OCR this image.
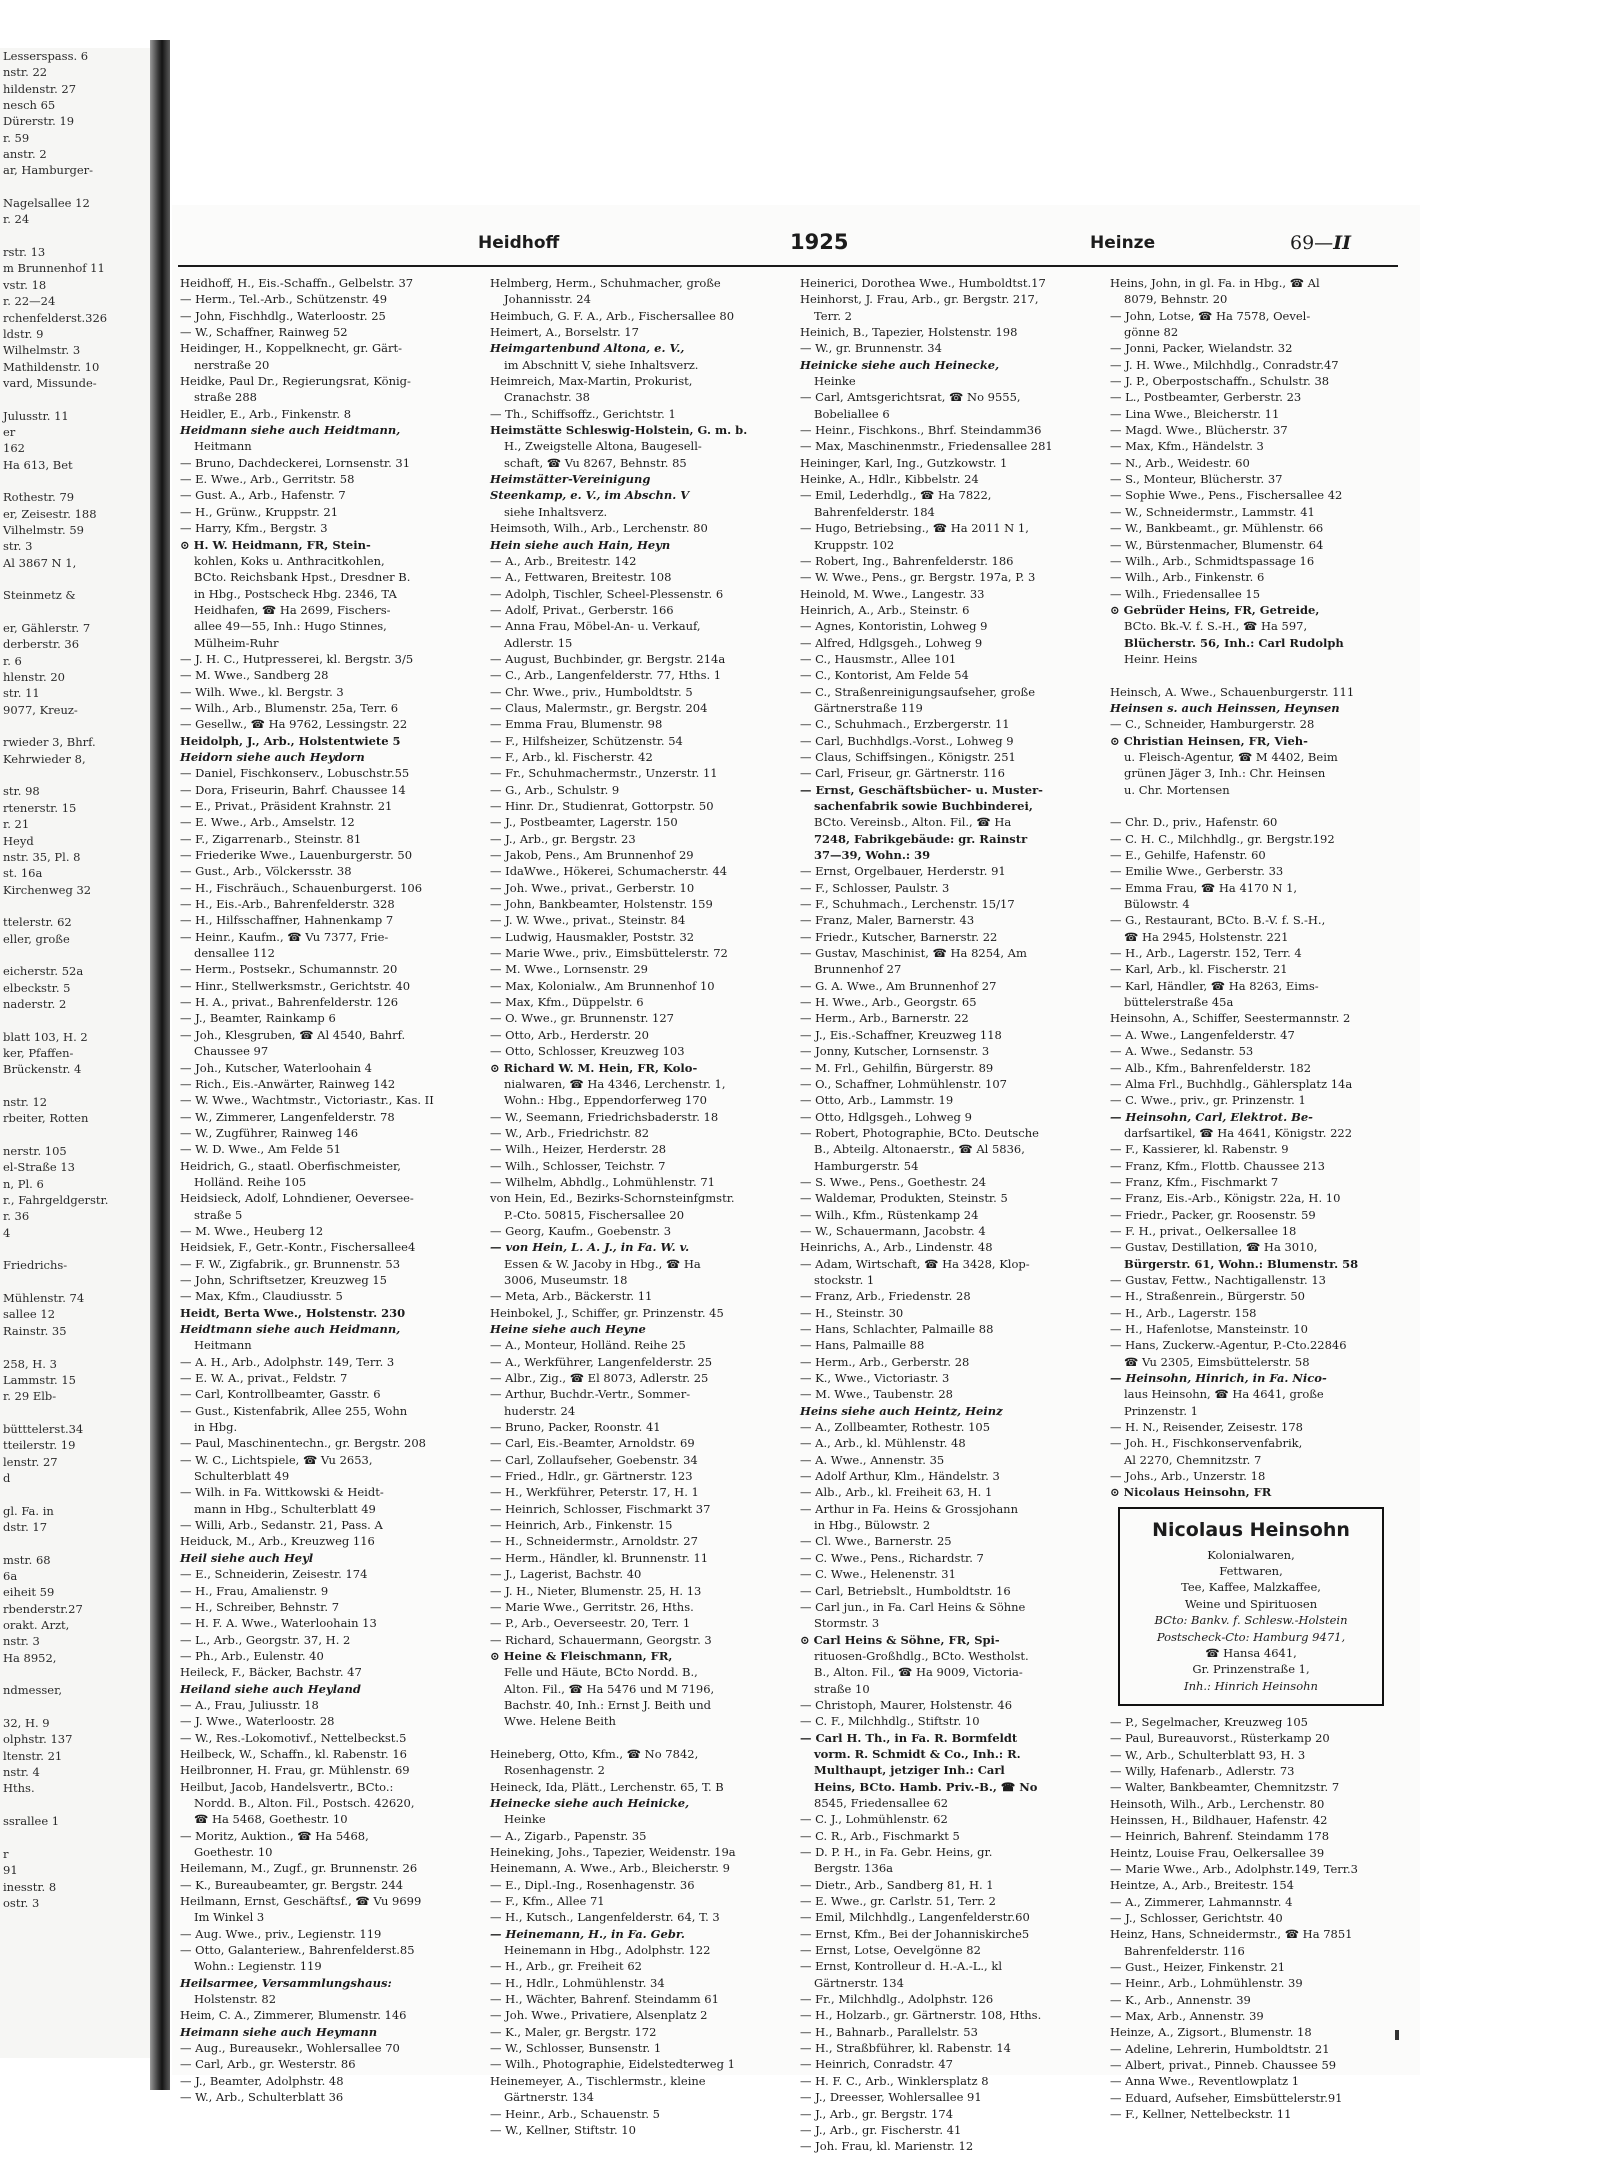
Lesserspass. 6
nstr. 22
hildenstr. 27
nesch 65
Dürerstr. 19
r. 59
anstr. 2
ar, Hamburger-

Nagelsallee 12
r. 24

rstr. 13
m Brunnenhof 11
vstr. 18
r. 22—24
rchenfelderst.326
ldstr. 9
Wilhelmstr. 3
Mathildenstr. 10
vard, Missunde-

Julusstr. 11
er
162
Ha 613, Bet

Rothestr. 79
er, Zeisestr. 188
Vilhelmstr. 59
str. 3
Al 3867 N 1,

Steinmetz &

er, Gählerstr. 7
derberstr. 36
r. 6
hlenstr. 20
str. 11
9077, Kreuz-

rwieder 3, Bhrf.
Kehrwieder 8,

str. 98
rtenerstr. 15
r. 21
Heyd
nstr. 35, Pl. 8
st. 16a
Kirchenweg 32

ttelerstr. 62
eller, große

eicherstr. 52a
elbeckstr. 5
naderstr. 2

blatt 103, H. 2
ker, Pfaffen-
Brückenstr. 4

nstr. 12
rbeiter, Rotten

nerstr. 105
el-Straße 13
n, Pl. 6
r., Fahrgeldgerstr.
r. 36
4

Friedrichs-

Mühlenstr. 74
sallee 12
Rainstr. 35

258, H. 3
Lammstr. 15
r. 29 Elb-

bütttelerst.34
tteilerstr. 19
lenstr. 27
d

gl. Fa. in
dstr. 17

mstr. 68
6a
eiheit 59
rbenderstr.27
orakt. Arzt,
nstr. 3
Ha 8952,

ndmesser,

32, H. 9
olphstr. 137
ltenstr. 21
nstr. 4
Hths.

ssrallee 1

r
91
inesstr. 8
ostr. 3
Heidhoff	1925	Heinze	69—II
Heidhoff, H., Eis.-Schaffn., Gelbelstr. 37
— Herm., Tel.-Arb., Schützenstr. 49
— John, Fischhdlg., Waterloostr. 25
— W., Schaffner, Rainweg 52
Heidinger, H., Koppelknecht, gr. Gärt-
nerstraße 20
Heidke, Paul Dr., Regierungsrat, König-
straße 288
Heidler, E., Arb., Finkenstr. 8
Heidmann siehe auch Heidtmann,
Heitmann
— Bruno, Dachdeckerei, Lornsenstr. 31
— E. Wwe., Arb., Gerritstr. 58
— Gust. A., Arb., Hafenstr. 7
— H., Grünw., Kruppstr. 21
— Harry, Kfm., Bergstr. 3
⊙ H. W. Heidmann, FR, Stein-
kohlen, Koks u. Anthracitkohlen,
BCto. Reichsbank Hpst., Dresdner B.
in Hbg., Postscheck Hbg. 2346, TA
Heidhafen, ☎ Ha 2699, Fischers-
allee 49—55, Inh.: Hugo Stinnes,
Mülheim-Ruhr
— J. H. C., Hutpresserei, kl. Bergstr. 3/5
— M. Wwe., Sandberg 28
— Wilh. Wwe., kl. Bergstr. 3
— Wilh., Arb., Blumenstr. 25a, Terr. 6
— Gesellw., ☎ Ha 9762, Lessingstr. 22
Heidolph, J., Arb., Holstentwiete 5
Heidorn siehe auch Heydorn
— Daniel, Fischkonserv., Lobuschstr.55
— Dora, Friseurin, Bahrf. Chaussee 14
— E., Privat., Präsident Krahnstr. 21
— E. Wwe., Arb., Amselstr. 12
— F., Zigarrenarb., Steinstr. 81
— Friederike Wwe., Lauenburgerstr. 50
— Gust., Arb., Völckersstr. 38
— H., Fischräuch., Schauenburgerst. 106
— H., Eis.-Arb., Bahrenfelderstr. 328
— H., Hilfsschaffner, Hahnenkamp 7
— Heinr., Kaufm., ☎ Vu 7377, Frie-
densallee 112
— Herm., Postsekr., Schumannstr. 20
— Hinr., Stellwerksmstr., Gerichtstr. 40
— H. A., privat., Bahrenfelderstr. 126
— J., Beamter, Rainkamp 6
— Joh., Klesgruben, ☎ Al 4540, Bahrf.
Chaussee 97
— Joh., Kutscher, Waterloohain 4
— Rich., Eis.-Anwärter, Rainweg 142
— W. Wwe., Wachtmstr., Victoriastr., Kas. II
— W., Zimmerer, Langenfelderstr. 78
— W., Zugführer, Rainweg 146
— W. D. Wwe., Am Felde 51
Heidrich, G., staatl. Oberfischmeister,
Holländ. Reihe 105
Heidsieck, Adolf, Lohndiener, Oeverseе-
straße 5
— M. Wwe., Heuberg 12
Heidsiek, F., Getr.-Kontr., Fischersallee4
— F. W., Zigfabrik., gr. Brunnenstr. 53
— John, Schriftsetzer, Kreuzweg 15
— Max, Kfm., Claudiusstr. 5
Heidt, Berta Wwe., Holstenstr. 230
Heidtmann siehe auch Heidmann,
Heitmann
— A. H., Arb., Adolphstr. 149, Terr. 3
— E. W. A., privat., Feldstr. 7
— Carl, Kontrollbeamter, Gasstr. 6
— Gust., Kistenfabrik, Allee 255, Wohn
in Hbg.
— Paul, Maschinentechn., gr. Bergstr. 208
— W. C., Lichtspiele, ☎ Vu 2653,
Schulterblatt 49
— Wilh. in Fa. Wittkowski & Heidt-
mann in Hbg., Schulterblatt 49
— Willi, Arb., Sedanstr. 21, Pass. A
Heiduck, M., Arb., Kreuzweg 116
Heil siehe auch Heyl
— E., Schneiderin, Zeisestr. 174
— H., Frau, Amalienstr. 9
— H., Schreiber, Behnstr. 7
— H. F. A. Wwe., Waterloohain 13
— L., Arb., Georgstr. 37, H. 2
— Ph., Arb., Eulenstr. 40
Heileck, F., Bäcker, Bachstr. 47
Heiland siehe auch Heyland
— A., Frau, Juliusstr. 18
— J. Wwe., Waterloostr. 28
— W., Res.-Lokomotivf., Nettelbeckst.5
Heilbeck, W., Schaffn., kl. Rabenstr. 16
Heilbronner, H. Frau, gr. Mühlenstr. 69
Heilbut, Jacob, Handelsvertr., BCto.:
Nordd. B., Alton. Fil., Postsch. 42620,
☎ Ha 5468, Goethestr. 10
— Moritz, Auktion., ☎ Ha 5468,
Goethestr. 10
Heilemann, M., Zugf., gr. Brunnenstr. 26
— K., Bureaubeamter, gr. Bergstr. 244
Heilmann, Ernst, Geschäftsf., ☎ Vu 9699
Im Winkel 3
— Aug. Wwe., priv., Legienstr. 119
— Otto, Galanteriew., Bahrenfelderst.85
Wohn.: Legienstr. 119
Heilsarmee, Versammlungshaus:
Holstenstr. 82
Heim, C. A., Zimmerer, Blumenstr. 146
Heimann siehe auch Heymann
— Aug., Bureausekr., Wohlersallee 70
— Carl, Arb., gr. Westerstr. 86
— J., Beamter, Adolphstr. 48
— W., Arb., Schulterblatt 36
Helmberg, Herm., Schuhmacher, große
Johannisstr. 24
Heimbuch, G. F. A., Arb., Fischersallee 80
Heimert, A., Borselstr. 17
Heimgartenbund Altona, e. V.,
im Abschnitt V, siehe Inhaltsverz.
Heimreich, Max-Martin, Prokurist,
Cranachstr. 38
— Th., Schiffsoffz., Gerichtstr. 1
Heimstätte Schleswig-Holstein, G. m. b.
H., Zweigstelle Altona, Baugesell-
schaft, ☎ Vu 8267, Behnstr. 85
Heimstätter-Vereinigung
Steenkamp, e. V., im Abschn. V
siehe Inhaltsverz.
Heimsoth, Wilh., Arb., Lerchenstr. 80
Hein siehe auch Hain, Heyn
— A., Arb., Breitestr. 142
— A., Fettwaren, Breitestr. 108
— Adolph, Tischler, Scheel-Plessenstr. 6
— Adolf, Privat., Gerberstr. 166
— Anna Frau, Möbel-An- u. Verkauf,
Adlerstr. 15
— August, Buchbinder, gr. Bergstr. 214a
— C., Arb., Langenfelderstr. 77, Hths. 1
— Chr. Wwe., priv., Humboldtstr. 5
— Claus, Malermstr., gr. Bergstr. 204
— Emma Frau, Blumenstr. 98
— F., Hilfsheizer, Schützenstr. 54
— F., Arb., kl. Fischerstr. 42
— Fr., Schuhmachermstr., Unzerstr. 11
— G., Arb., Schulstr. 9
— Hinr. Dr., Studienrat, Gottorpstr. 50
— J., Postbeamter, Lagerstr. 150
— J., Arb., gr. Bergstr. 23
— Jakob, Pens., Am Brunnenhof 29
— IdaWwe., Hökerei, Schumacherstr. 44
— Joh. Wwe., privat., Gerberstr. 10
— John, Bankbeamter, Holstenstr. 159
— J. W. Wwe., privat., Steinstr. 84
— Ludwig, Hausmakler, Poststr. 32
— Marie Wwe., priv., Eimsbüttelerstr. 72
— M. Wwe., Lornsenstr. 29
— Max, Kolonialw., Am Brunnenhof 10
— Max, Kfm., Düppelstr. 6
— O. Wwe., gr. Brunnenstr. 127
— Otto, Arb., Herderstr. 20
— Otto, Schlosser, Kreuzweg 103
⊙ Richard W. M. Hein, FR, Kolo-
nialwaren, ☎ Ha 4346, Lerchenstr. 1,
Wohn.: Hbg., Eppendorferweg 170
— W., Seemann, Friedrichsbaderstr. 18
— W., Arb., Friedrichstr. 82
— Wilh., Heizer, Herderstr. 28
— Wilh., Schlosser, Teichstr. 7
— Wilhelm, Abhdlg., Lohmühlenstr. 71
von Hein, Ed., Bezirks-Schornsteinfgmstr.
P.-Cto. 50815, Fischersallee 20
— Georg, Kaufm., Goebenstr. 3
— von Hein, L. A. J., in Fa. W. v.
Essen & W. Jacoby in Hbg., ☎ Ha
3006, Museumstr. 18
— Meta, Arb., Bäckerstr. 11
Heinbokel, J., Schiffer, gr. Prinzenstr. 45
Heine siehe auch Heyne
— A., Monteur, Holländ. Reihe 25
— A., Werkführer, Langenfelderstr. 25
— Albr., Zig., ☎ El 8073, Adlerstr. 25
— Arthur, Buchdr.-Vertr., Sommer-
huderstr. 24
— Bruno, Packer, Roonstr. 41
— Carl, Eis.-Beamter, Arnoldstr. 69
— Carl, Zollaufseher, Goebenstr. 34
— Fried., Hdlr., gr. Gärtnerstr. 123
— H., Werkführer, Peterstr. 17, H. 1
— Heinrich, Schlosser, Fischmarkt 37
— Heinrich, Arb., Finkenstr. 15
— H., Schneidermstr., Arnoldstr. 27
— Herm., Händler, kl. Brunnenstr. 11
— J., Lagerist, Bachstr. 40
— J. H., Nieter, Blumenstr. 25, H. 13
— Marie Wwe., Gerritstr. 26, Hths.
— P., Arb., Oeverseestr. 20, Terr. 1
— Richard, Schauermann, Georgstr. 3
⊙ Heine & Fleischmann, FR,
Felle und Häute, BCto Nordd. B.,
Alton. Fil., ☎ Ha 5476 und M 7196,
Bachstr. 40, Inh.: Ernst J. Beith und
Wwe. Helene Beith

Heineberg, Otto, Kfm., ☎ No 7842,
Rosenhagenstr. 2
Heineck, Ida, Plätt., Lerchenstr. 65, T. B
Heinecke siehe auch Heinicke,
Heinke
— A., Zigarb., Papenstr. 35
Heineking, Johs., Tapezier, Weidenstr. 19a
Heinemann, A. Wwe., Arb., Bleicherstr. 9
— E., Dipl.-Ing., Rosenhagenstr. 36
— F., Kfm., Allee 71
— H., Kutsch., Langenfelderstr. 64, T. 3
— Heinemann, H., in Fa. Gebr.
Heinemann in Hbg., Adolphstr. 122
— H., Arb., gr. Freiheit 62
— H., Hdlr., Lohmühlenstr. 34
— H., Wächter, Bahrenf. Steindamm 61
— Joh. Wwe., Privatiere, Alsenplatz 2
— K., Maler, gr. Bergstr. 172
— W., Schlosser, Bunsenstr. 1
— Wilh., Photographie, Eidelstedterweg 1
Heinemeyer, A., Tischlermstr., kleine
Gärtnerstr. 134
— Heinr., Arb., Schauenstr. 5
— W., Kellner, Stiftstr. 10
Heinerici, Dorothea Wwe., Humboldtst.17
Heinhorst, J. Frau, Arb., gr. Bergstr. 217,
Terr. 2
Heinich, B., Tapezier, Holstenstr. 198
— W., gr. Brunnenstr. 34
Heinicke siehe auch Heinecke,
Heinke
— Carl, Amtsgerichtsrat, ☎ No 9555,
Bobeliallee 6
— Heinr., Fischkons., Bhrf. Steindamm36
— Max, Maschinenmstr., Friedensallee 281
Heininger, Karl, Ing., Gutzkowstr. 1
Heinke, A., Hdlr., Kibbelstr. 24
— Emil, Lederhdlg., ☎ Ha 7822,
Bahrenfelderstr. 184
— Hugo, Betriebsing., ☎ Ha 2011 N 1,
Kruppstr. 102
— Robert, Ing., Bahrenfelderstr. 186
— W. Wwe., Pens., gr. Bergstr. 197a, P. 3
Heinold, M. Wwe., Langestr. 33
Heinrich, A., Arb., Steinstr. 6
— Agnes, Kontoristin, Lohweg 9
— Alfred, Hdlgsgeh., Lohweg 9
— C., Hausmstr., Allee 101
— C., Kontorist, Am Felde 54
— C., Straßenreinigungsaufseher, große
Gärtnerstraße 119
— C., Schuhmach., Erzbergerstr. 11
— Carl, Buchhdlgs.-Vorst., Lohweg 9
— Claus, Schiffsingen., Königstr. 251
— Carl, Friseur, gr. Gärtnerstr. 116
— Ernst, Geschäftsbücher- u. Muster-
sachenfabrik sowie Buchbinderei,
BCto. Vereinsb., Alton. Fil., ☎ Ha
7248, Fabrikgebäude: gr. Rainstr
37—39, Wohn.: 39
— Ernst, Orgelbauer, Herderstr. 91
— F., Schlosser, Paulstr. 3
— F., Schuhmach., Lerchenstr. 15/17
— Franz, Maler, Barnerstr. 43
— Friedr., Kutscher, Barnerstr. 22
— Gustav, Maschinist, ☎ Ha 8254, Am
Brunnenhof 27
— G. A. Wwe., Am Brunnenhof 27
— H. Wwe., Arb., Georgstr. 65
— Herm., Arb., Barnerstr. 22
— J., Eis.-Schaffner, Kreuzweg 118
— Jonny, Kutscher, Lornsenstr. 3
— M. Frl., Gehilfin, Bürgerstr. 89
— O., Schaffner, Lohmühlenstr. 107
— Otto, Arb., Lammstr. 19
— Otto, Hdlgsgeh., Lohweg 9
— Robert, Photographie, BCto. Deutsche
B., Abteilg. Altonaerstr., ☎ Al 5836,
Hamburgerstr. 54
— S. Wwe., Pens., Goethestr. 24
— Waldemar, Produkten, Steinstr. 5
— Wilh., Kfm., Rüstenkamp 24
— W., Schauermann, Jacobstr. 4
Heinrichs, A., Arb., Lindenstr. 48
— Adam, Wirtschaft, ☎ Ha 3428, Klop-
stockstr. 1
— Franz, Arb., Friedenstr. 28
— H., Steinstr. 30
— Hans, Schlachter, Palmaille 88
— Hans, Palmaille 88
— Herm., Arb., Gerberstr. 28
— K., Wwe., Victoriastr. 3
— M. Wwe., Taubenstr. 28
Heins siehe auch Heintz, Heinz
— A., Zollbeamter, Rothestr. 105
— A., Arb., kl. Mühlenstr. 48
— A. Wwe., Annenstr. 35
— Adolf Arthur, Klm., Händelstr. 3
— Alb., Arb., kl. Freiheit 63, H. 1
— Arthur in Fa. Heins & Grossjohann
in Hbg., Bülowstr. 2
— Cl. Wwe., Barnerstr. 25
— C. Wwe., Pens., Richardstr. 7
— C. Wwe., Helenenstr. 31
— Carl, Betriebslt., Humboldtstr. 16
— Carl jun., in Fa. Carl Heins & Söhne
Stormstr. 3
⊙ Carl Heins & Söhne, FR, Spi-
rituosen-Großhdlg., BCto. Westholst.
B., Alton. Fil., ☎ Ha 9009, Victoria-
straße 10
— Christoph, Maurer, Holstenstr. 46
— C. F., Milchhdlg., Stiftstr. 10
— Carl H. Th., in Fa. R. Bormfeldt
vorm. R. Schmidt & Co., Inh.: R.
Multhaupt, jetziger Inh.: Carl
Heins, BCto. Hamb. Priv.-B., ☎ No
8545, Friedensallee 62
— C. J., Lohmühlenstr. 62
— C. R., Arb., Fischmarkt 5
— D. P. H., in Fa. Gebr. Heins, gr.
Bergstr. 136a
— Dietr., Arb., Sandberg 81, H. 1
— E. Wwe., gr. Carlstr. 51, Terr. 2
— Emil, Milchhdlg., Langenfelderstr.60
— Ernst, Kfm., Bei der Johanniskirche5
— Ernst, Lotse, Oevelgönne 82
— Ernst, Kontrolleur d. H.-A.-L., kl
Gärtnerstr. 134
— Fr., Milchhdlg., Adolphstr. 126
— H., Holzarb., gr. Gärtnerstr. 108, Hths.
— H., Bahnarb., Parallelstr. 53
— H., Straßbführer, kl. Rabenstr. 14
— Heinrich, Conradstr. 47
— H. F. C., Arb., Winklersplatz 8
— J., Dreesser, Wohlersallee 91
— J., Arb., gr. Bergstr. 174
— J., Arb., gr. Fischerstr. 41
— Joh. Frau, kl. Marienstr. 12
Heins, John, in gl. Fa. in Hbg., ☎ Al
8079, Behnstr. 20
— John, Lotse, ☎ Ha 7578, Oevel-
gönne 82
— Jonni, Packer, Wielandstr. 32
— J. H. Wwe., Milchhdlg., Conradstr.47
— J. P., Oberpostschaffn., Schulstr. 38
— L., Postbeamter, Gerberstr. 23
— Lina Wwe., Bleicherstr. 11
— Magd. Wwe., Blücherstr. 37
— Max, Kfm., Händelstr. 3
— N., Arb., Weidestr. 60
— S., Monteur, Blücherstr. 37
— Sophie Wwe., Pens., Fischersallee 42
— W., Schneidermstr., Lammstr. 41
— W., Bankbeamt., gr. Mühlenstr. 66
— W., Bürstenmacher, Blumenstr. 64
— Wilh., Arb., Schmidtspassage 16
— Wilh., Arb., Finkenstr. 6
— Wilh., Friedensallee 15
⊙ Gebrüder Heins, FR, Getreide,
BCto. Bk.-V. f. S.-H., ☎ Ha 597,
Blücherstr. 56, Inh.: Carl Rudolph
Heinr. Heins

Heinsch, A. Wwe., Schauenburgerstr. 111
Heinsen s. auch Heinssen, Heynsen
— C., Schneider, Hamburgerstr. 28
⊙ Christian Heinsen, FR, Vieh-
u. Fleisch-Agentur, ☎ M 4402, Beim
grünen Jäger 3, Inh.: Chr. Heinsen
u. Chr. Mortensen

— Chr. D., priv., Hafenstr. 60
— C. H. C., Milchhdlg., gr. Bergstr.192
— E., Gehilfe, Hafenstr. 60
— Emilie Wwe., Gerberstr. 33
— Emma Frau, ☎ Ha 4170 N 1,
Bülowstr. 4
— G., Restaurant, BCto. B.-V. f. S.-H.,
☎ Ha 2945, Holstenstr. 221
— H., Arb., Lagerstr. 152, Terr. 4
— Karl, Arb., kl. Fischerstr. 21
— Karl, Händler, ☎ Ha 8263, Eims-
büttelerstraße 45a
Heinsohn, A., Schiffer, Seestermannstr. 2
— A. Wwe., Langenfelderstr. 47
— A. Wwe., Sedanstr. 53
— Alb., Kfm., Bahrenfelderstr. 182
— Alma Frl., Buchhdlg., Gählersplatz 14a
— C. Wwe., priv., gr. Prinzenstr. 1
— Heinsohn, Carl, Elektrot. Be-
darfsartikel, ☎ Ha 4641, Königstr. 222
— F., Kassierer, kl. Rabenstr. 9
— Franz, Kfm., Flottb. Chaussee 213
— Franz, Kfm., Fischmarkt 7
— Franz, Eis.-Arb., Königstr. 22a, H. 10
— Friedr., Packer, gr. Roosenstr. 59
— F. H., privat., Oelkersallee 18
— Gustav, Destillation, ☎ Ha 3010,
Bürgerstr. 61, Wohn.: Blumenstr. 58
— Gustav, Fettw., Nachtigallenstr. 13
— H., Straßenrein., Bürgerstr. 50
— H., Arb., Lagerstr. 158
— H., Hafenlotse, Manstеinstr. 10
— Hans, Zuckerw.-Agentur, P.-Cto.22846
☎ Vu 2305, Eimsbüttelerstr. 58
— Heinsohn, Hinrich, in Fa. Nico-
laus Heinsohn, ☎ Ha 4641, große
Prinzenstr. 1
— H. N., Reisender, Zeisestr. 178
— Joh. H., Fischkonservenfabrik,
Al 2270, Chemnitzstr. 7
— Johs., Arb., Unzerstr. 18
⊙ Nicolaus Heinsohn, FR
Nicolaus Heinsohn
Kolonialwaren,
Fettwaren,
Tee, Kaffee, Malzkaffee,
Weine und Spirituosen
BCto: Bankv. f. Schlesw.-Holstein
Postscheck-Cto: Hamburg 9471,
☎ Hansa 4641,
Gr. Prinzenstraße 1,
Inh.: Hinrich Heinsohn
— P., Segelmacher, Kreuzweg 105
— Paul, Bureauvorst., Rüsterkamp 20
— W., Arb., Schulterblatt 93, H. 3
— Willy, Hafenarb., Adlerstr. 73
— Walter, Bankbeamter, Chemnitzstr. 7
Heinsoth, Wilh., Arb., Lerchenstr. 80
Heinssen, H., Bildhauer, Hafenstr. 42
— Heinrich, Bahrenf. Steindamm 178
Heintz, Louise Frau, Oelkersallee 39
— Marie Wwe., Arb., Adolphstr.149, Terr.3
Heintze, A., Arb., Breitestr. 154
— A., Zimmerer, Lahmannstr. 4
— J., Schlosser, Gerichtstr. 40
Heinz, Hans, Schneidermstr., ☎ Ha 7851
Bahrenfelderstr. 116
— Gust., Heizer, Finkenstr. 21
— Heinr., Arb., Lohmühlenstr. 39
— K., Arb., Annenstr. 39
— Max, Arb., Annenstr. 39
Heinze, A., Zigsort., Blumenstr. 18
— Adeline, Lehrerin, Humboldtstr. 21
— Albert, privat., Pinneb. Chaussee 59
— Anna Wwe., Reventlowplatz 1
— Eduard, Aufseher, Eimsbüttelerstr.91
— F., Kellner, Nettelbeckstr. 11
